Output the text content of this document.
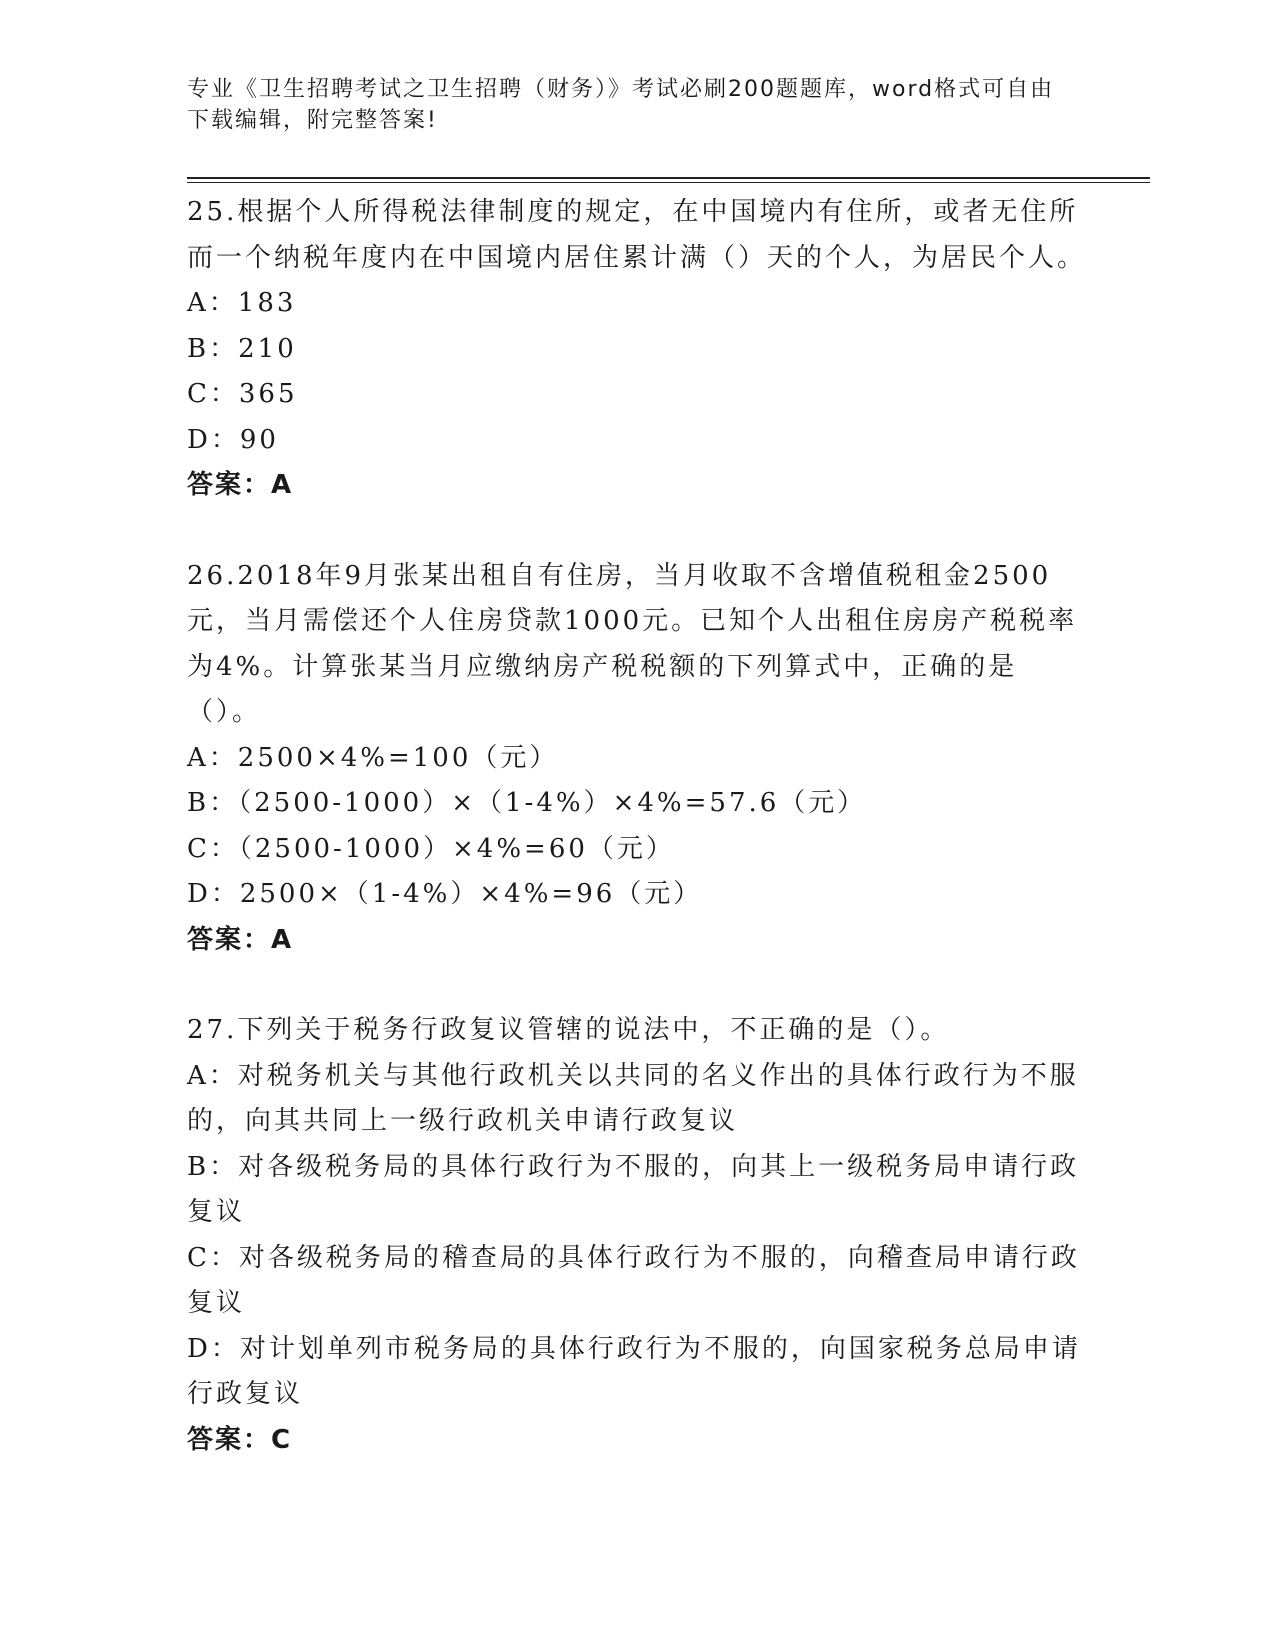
专业《卫生招聘考试之卫生招聘（财务）》考试必刷200题题库，word格式可自由下载编辑，附完整答案!

25.根据个人所得税法律制度的规定，在中国境内有住所，或者无住所而一个纳税年度内在中国境内居住累计满（）天的个人，为居民个人。

A：183

B：210

C：365

D：90

答案：A

26.2018年9月张某出租自有住房，当月收取不含增值税租金2500元，当月需偿还个人住房贷款1000元。已知个人出租住房房产税税率为4%。计算张某当月应缴纳房产税税额的下列算式中，正确的是（）。

A：2500×4%=100（元）

B：（2500-1000）×（1-4%）×4%=57.6（元）

C：（2500-1000）×4%=60（元）

D：2500×（1-4%）×4%=96（元）

答案：A

27.下列关于税务行政复议管辖的说法中，不正确的是（）。

A：对税务机关与其他行政机关以共同的名义作出的具体行政行为不服的，向其共同上一级行政机关申请行政复议

B：对各级税务局的具体行政行为不服的，向其上一级税务局申请行政复议

C：对各级税务局的稽查局的具体行政行为不服的，向稽查局申请行政复议

D：对计划单列市税务局的具体行政行为不服的，向国家税务总局申请行政复议

答案：C
